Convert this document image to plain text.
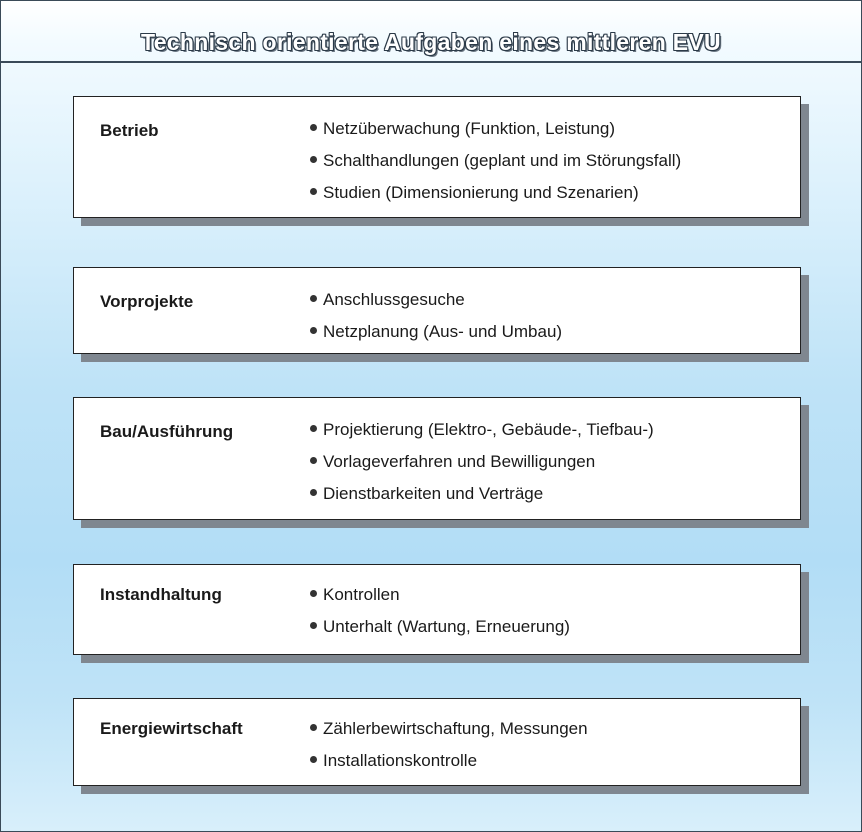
Technisch orientierte Aufgaben eines mittleren EVU
Betrieb	Netzüberwachung (Funktion, Leistung)
Schalthandlungen (geplant und im Störungsfall)
Studien (Dimensionierung und Szenarien)
Vorprojekte	Anschlussgesuche
Netzplanung (Aus- und Umbau)
Bau/Ausführung	Projektierung (Elektro-, Gebäude-, Tiefbau-)
Vorlageverfahren und Bewilligungen
Dienstbarkeiten und Verträge
Instandhaltung	Kontrollen
Unterhalt (Wartung, Erneuerung)
Energiewirtschaft	Zählerbewirtschaftung, Messungen
Installationskontrolle
